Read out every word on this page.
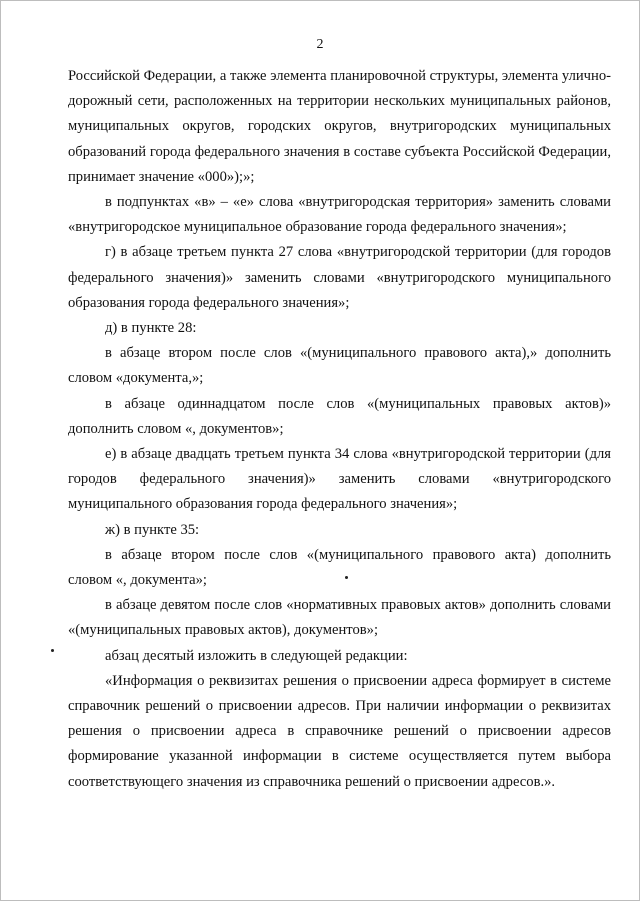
2

Российской Федерации, а также элемента планировочной структуры, элемента улично-дорожный сети, расположенных на территории нескольких муниципальных районов, муниципальных округов, городских округов, внутригородских муниципальных образований города федерального значения в составе субъекта Российской Федерации, принимает значение «000»);»;

в подпунктах «в» – «е» слова «внутригородская территория» заменить словами «внутригородское муниципальное образование города федерального значения»;

г) в абзаце третьем пункта 27 слова «внутригородской территории (для городов федерального значения)» заменить словами «внутригородского муниципального образования города федерального значения»;

д) в пункте 28:

в абзаце втором после слов «(муниципального правового акта),» дополнить словом «документа,»;

в абзаце одиннадцатом после слов «(муниципальных правовых актов)» дополнить словом «, документов»;

е) в абзаце двадцать третьем пункта 34 слова «внутригородской территории (для городов федерального значения)» заменить словами «внутригородского муниципального образования города федерального значения»;

ж) в пункте 35:

в абзаце втором после слов «(муниципального правового акта) дополнить словом «, документа»;

в абзаце девятом после слов «нормативных правовых актов» дополнить словами «(муниципальных правовых актов), документов»;

абзац десятый изложить в следующей редакции:

«Информация о реквизитах решения о присвоении адреса формирует в системе справочник решений о присвоении адресов. При наличии информации о реквизитах решения о присвоении адреса в справочнике решений о присвоении адресов формирование указанной информации в системе осуществляется путем выбора соответствующего значения из справочника решений о присвоении адресов.».
